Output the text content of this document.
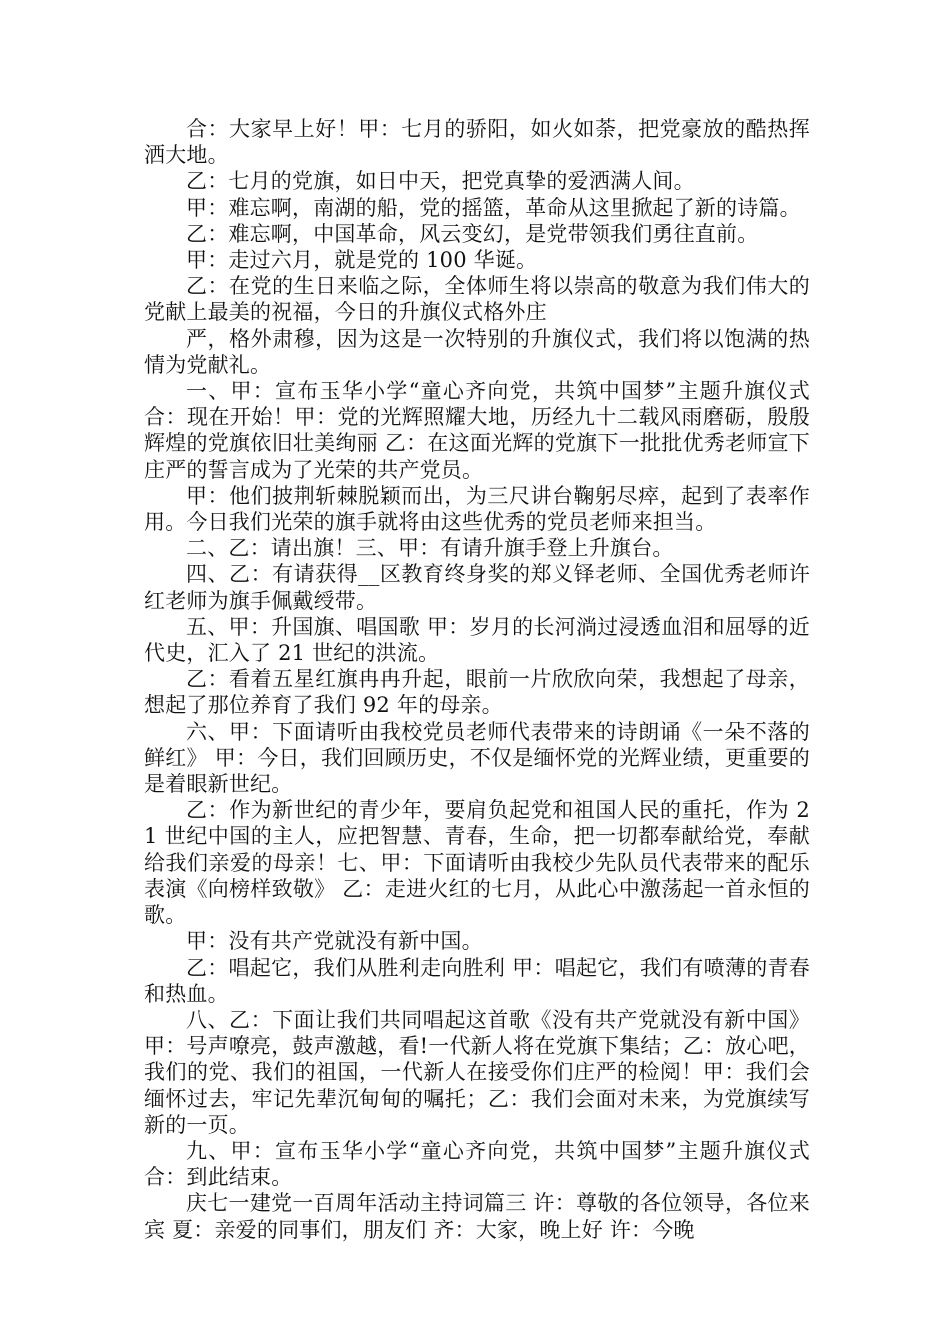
合：大家早上好！甲：七月的骄阳，如火如荼，把党豪放的酷热挥洒大地。

乙：七月的党旗，如日中天，把党真挚的爱洒满人间。

甲：难忘啊，南湖的船，党的摇篮，革命从这里掀起了新的诗篇。

乙：难忘啊，中国革命，风云变幻，是党带领我们勇往直前。

甲：走过六月，就是党的 100 华诞。

乙：在党的生日来临之际，全体师生将以崇高的敬意为我们伟大的党献上最美的祝福，今日的升旗仪式格外庄

严，格外肃穆，因为这是一次特别的升旗仪式，我们将以饱满的热情为党献礼。

一、甲：宣布玉华小学“童心齐向党，共筑中国梦”主题升旗仪式 合：现在开始！甲：党的光辉照耀大地，历经九十二载风雨磨砺，殷殷辉煌的党旗依旧壮美绚丽 乙：在这面光辉的党旗下一批批优秀老师宣下庄严的誓言成为了光荣的共产党员。

甲：他们披荆斩棘脱颖而出，为三尺讲台鞠躬尽瘁，起到了表率作用。今日我们光荣的旗手就将由这些优秀的党员老师来担当。

二、乙：请出旗！三、甲：有请升旗手登上升旗台。

四、乙：有请获得__区教育终身奖的郑义铎老师、全国优秀老师许红老师为旗手佩戴绶带。

五、甲：升国旗、唱国歌 甲：岁月的长河淌过浸透血泪和屈辱的近代史，汇入了 21 世纪的洪流。

乙：看着五星红旗冉冉升起，眼前一片欣欣向荣，我想起了母亲，想起了那位养育了我们 92 年的母亲。

六、甲：下面请听由我校党员老师代表带来的诗朗诵《一朵不落的鲜红》 甲：今日，我们回顾历史，不仅是缅怀党的光辉业绩，更重要的是着眼新世纪。

乙：作为新世纪的青少年，要肩负起党和祖国人民的重托，作为 21 世纪中国的主人，应把智慧、青春，生命，把一切都奉献给党，奉献给我们亲爱的母亲！七、甲：下面请听由我校少先队员代表带来的配乐表演《向榜样致敬》 乙：走进火红的七月，从此心中激荡起一首永恒的歌。

甲：没有共产党就没有新中国。

乙：唱起它，我们从胜利走向胜利 甲：唱起它，我们有喷薄的青春和热血。

八、乙：下面让我们共同唱起这首歌《没有共产党就没有新中国》 甲：号声嘹亮，鼓声激越，看!一代新人将在党旗下集结；乙：放心吧，我们的党、我们的祖国，一代新人在接受你们庄严的检阅！甲：我们会缅怀过去，牢记先辈沉甸甸的嘱托；乙：我们会面对未来，为党旗续写新的一页。

九、甲：宣布玉华小学“童心齐向党，共筑中国梦”主题升旗仪式 合：到此结束。

庆七一建党一百周年活动主持词篇三 许：尊敬的各位领导，各位来宾 夏：亲爱的同事们，朋友们 齐：大家，晚上好 许：今晚
